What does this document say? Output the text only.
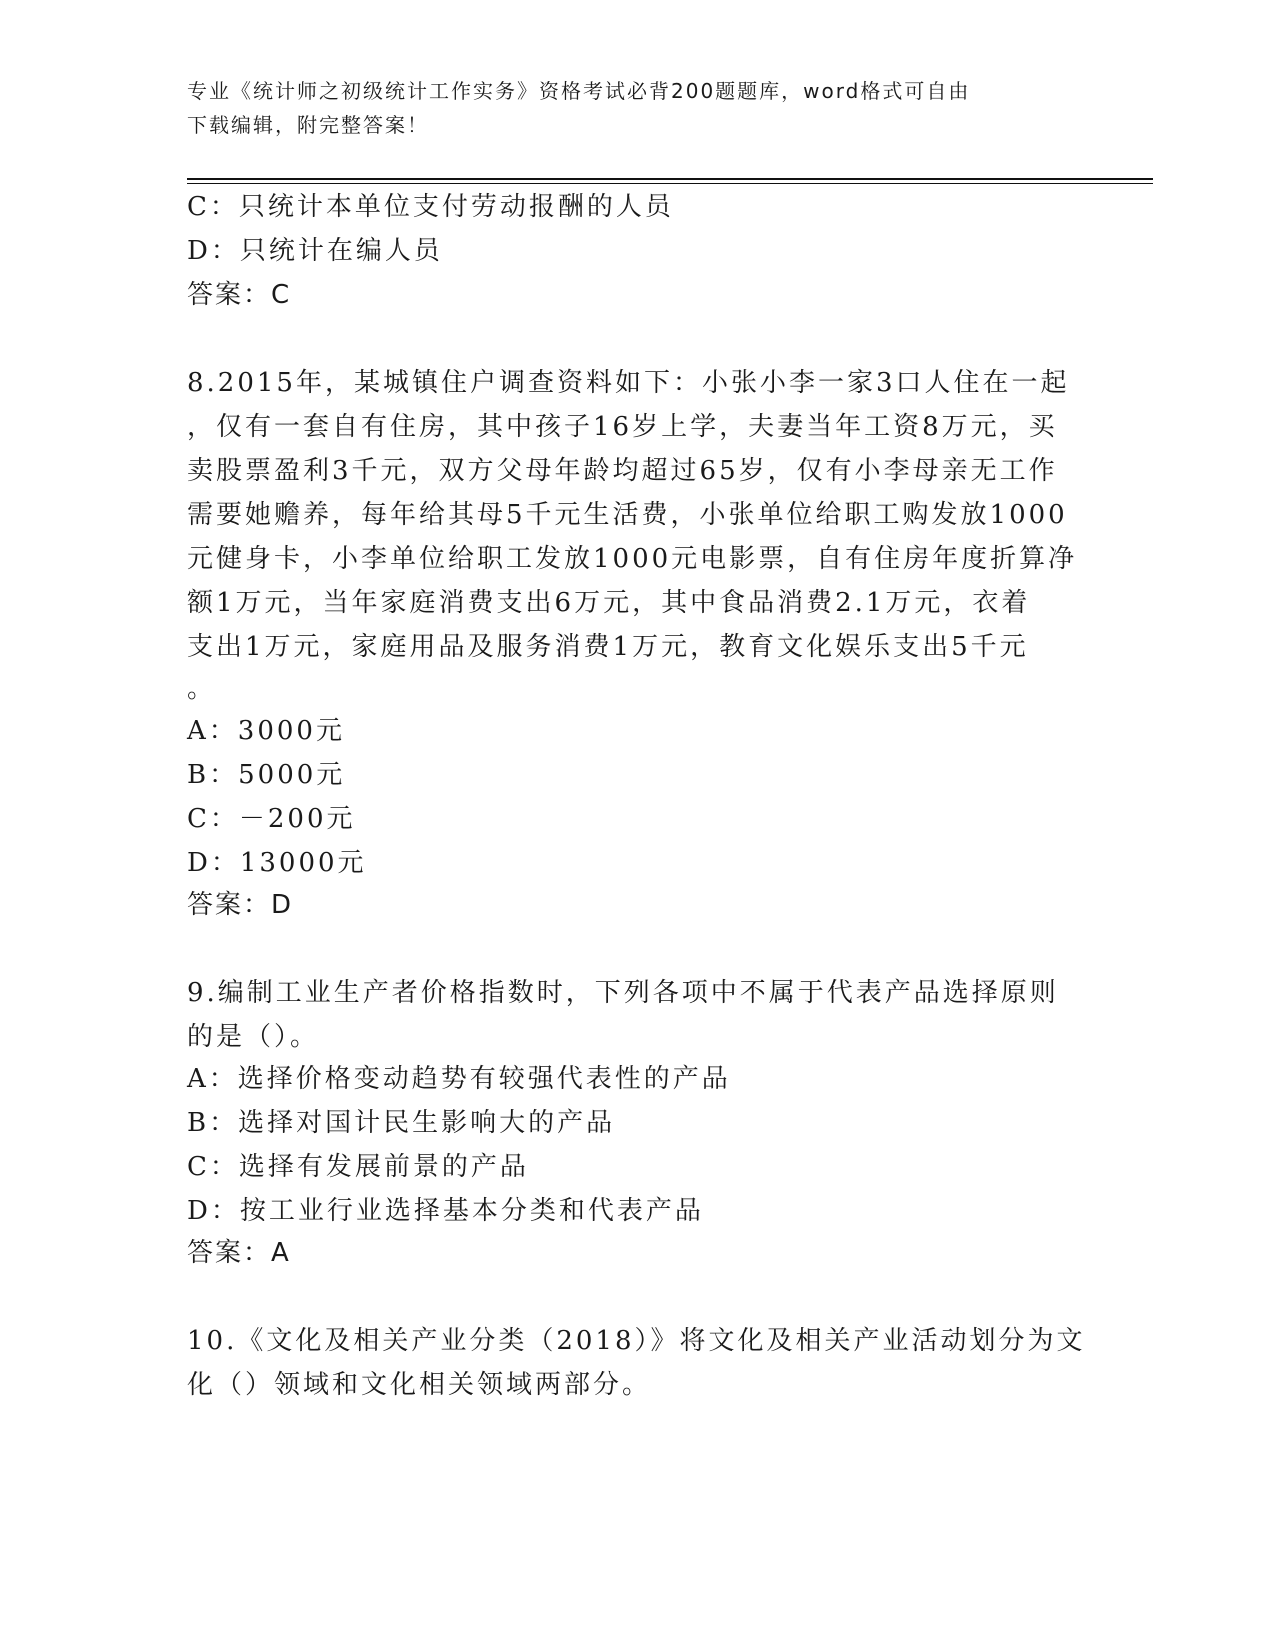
专业《统计师之初级统计工作实务》资格考试必背200题题库，word格式可自由
下载编辑，附完整答案！
C：只统计本单位支付劳动报酬的人员
D：只统计在编人员
答案：C
8.2015年，某城镇住户调查资料如下：小张小李一家3口人住在一起
，仅有一套自有住房，其中孩子16岁上学，夫妻当年工资8万元，买
卖股票盈利3千元，双方父母年龄均超过65岁，仅有小李母亲无工作
需要她赡养，每年给其母5千元生活费，小张单位给职工购发放1000
元健身卡，小李单位给职工发放1000元电影票，自有住房年度折算净
额1万元，当年家庭消费支出6万元，其中食品消费2.1万元，衣着
支出1万元，家庭用品及服务消费1万元，教育文化娱乐支出5千元
。
A：3000元
B：5000元
C：－200元
D：13000元
答案：D
9.编制工业生产者价格指数时，下列各项中不属于代表产品选择原则
的是（）。
A：选择价格变动趋势有较强代表性的产品
B：选择对国计民生影响大的产品
C：选择有发展前景的产品
D：按工业行业选择基本分类和代表产品
答案：A
10.《文化及相关产业分类（2018）》将文化及相关产业活动划分为文
化（）领域和文化相关领域两部分。
